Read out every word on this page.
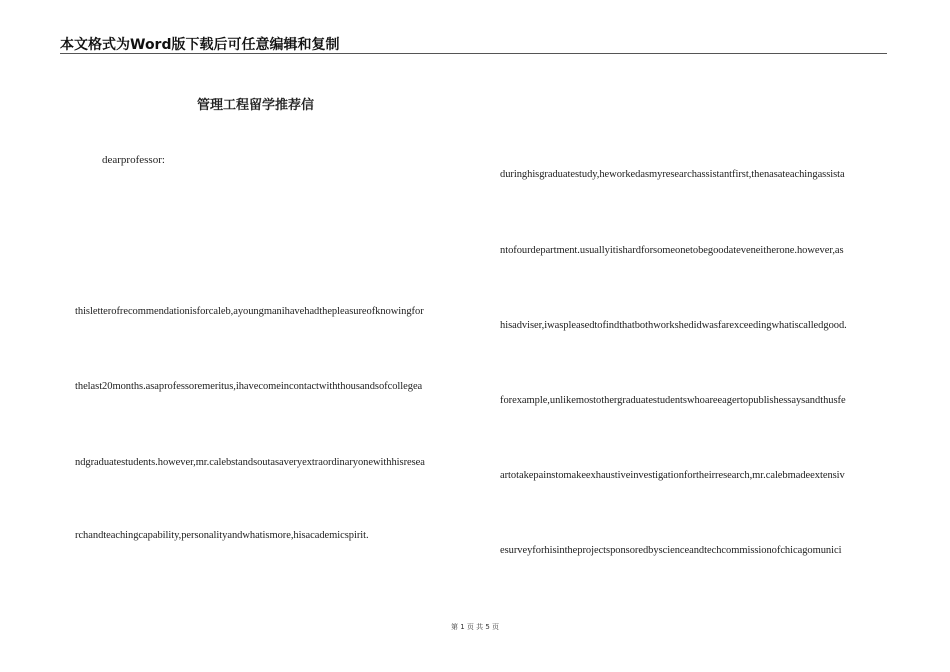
本文格式为Word版下载后可任意编辑和复制
管理工程留学推荐信
dearprofessor:
thisletterofrecommendationisforcaleb,ayoungmanihavehadthepleasureofknowingfor
thelast20months.asaprofessoremeritus,ihavecomeincontactwiththousandsofcollegea
ndgraduatestudents.however,mr.calebstandsoutasaveryextraordinaryonewithhisresea
rchandteachingcapability,personalityandwhatismore,hisacademicspirit.
duringhisgraduatestudy,heworkedasmyresearchassistantfirst,thenasateachingassista
ntofourdepartment.usuallyitishardforsomeonetobegoodateveneitherone.however,as
hisadviser,iwaspleasedtofindthatbothworkshedidwasfarexceedingwhatiscalledgood.
forexample,unlikemostothergraduatestudentswhoareeagertopublishessaysandthusfe
artotakepainstomakeexhaustiveinvestigationfortheirresearch,mr.calebmadeextensiv
esurveyforhisintheprojectsponsoredbyscienceandtechcommissionofchicagomunici
第 1 页 共 5 页
